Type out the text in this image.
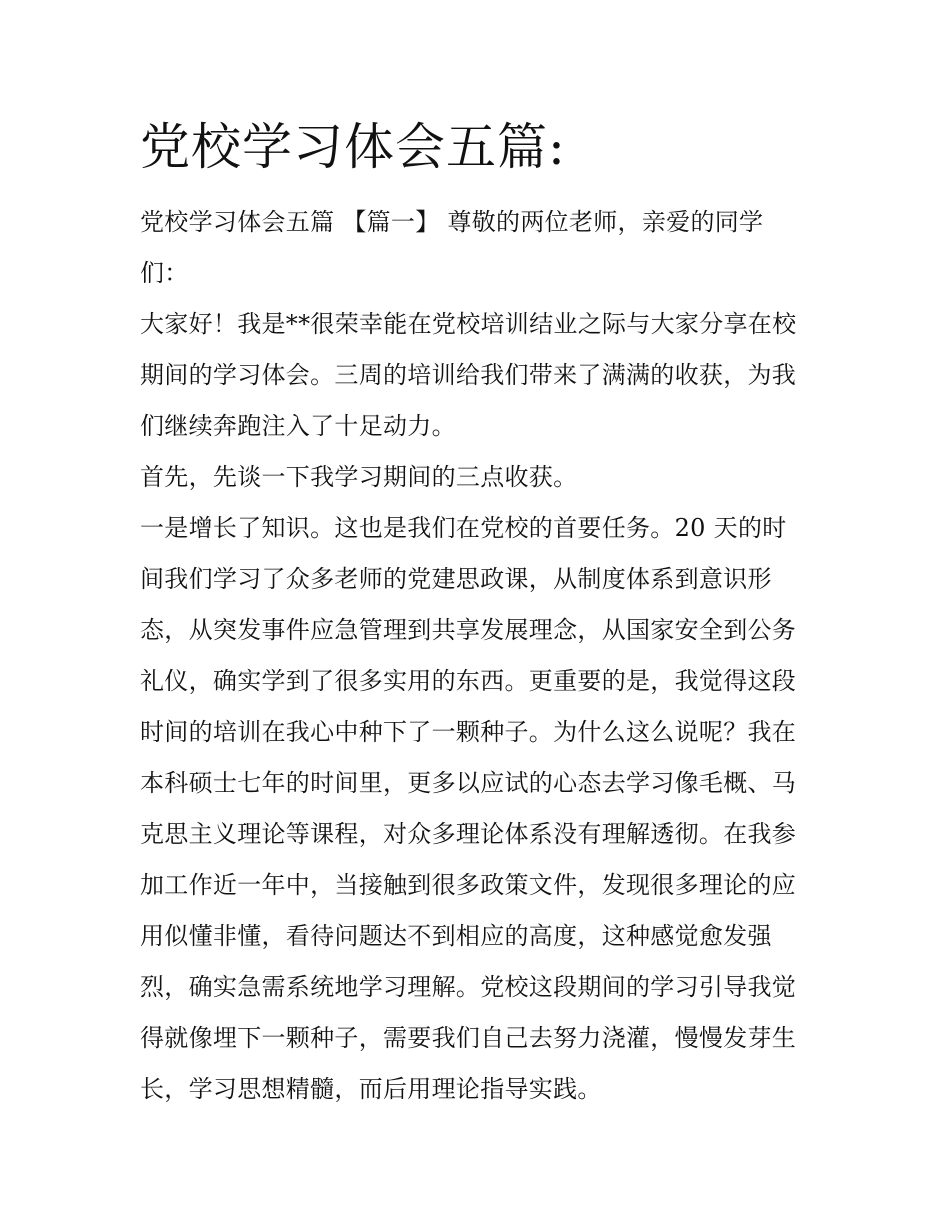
党校学习体会五篇:
党校学习体会五篇 【篇一】 尊敬的两位老师，亲爱的同学
们：
大家好！我是**很荣幸能在党校培训结业之际与大家分享在校
期间的学习体会。三周的培训给我们带来了满满的收获，为我
们继续奔跑注入了十足动力。
首先，先谈一下我学习期间的三点收获。
一是增长了知识。这也是我们在党校的首要任务。20 天的时
间我们学习了众多老师的党建思政课，从制度体系到意识形
态，从突发事件应急管理到共享发展理念，从国家安全到公务
礼仪，确实学到了很多实用的东西。更重要的是，我觉得这段
时间的培训在我心中种下了一颗种子。为什么这么说呢？我在
本科硕士七年的时间里，更多以应试的心态去学习像毛概、马
克思主义理论等课程，对众多理论体系没有理解透彻。在我参
加工作近一年中，当接触到很多政策文件，发现很多理论的应
用似懂非懂，看待问题达不到相应的高度，这种感觉愈发强
烈，确实急需系统地学习理解。党校这段期间的学习引导我觉
得就像埋下一颗种子，需要我们自己去努力浇灌，慢慢发芽生
长，学习思想精髓，而后用理论指导实践。
